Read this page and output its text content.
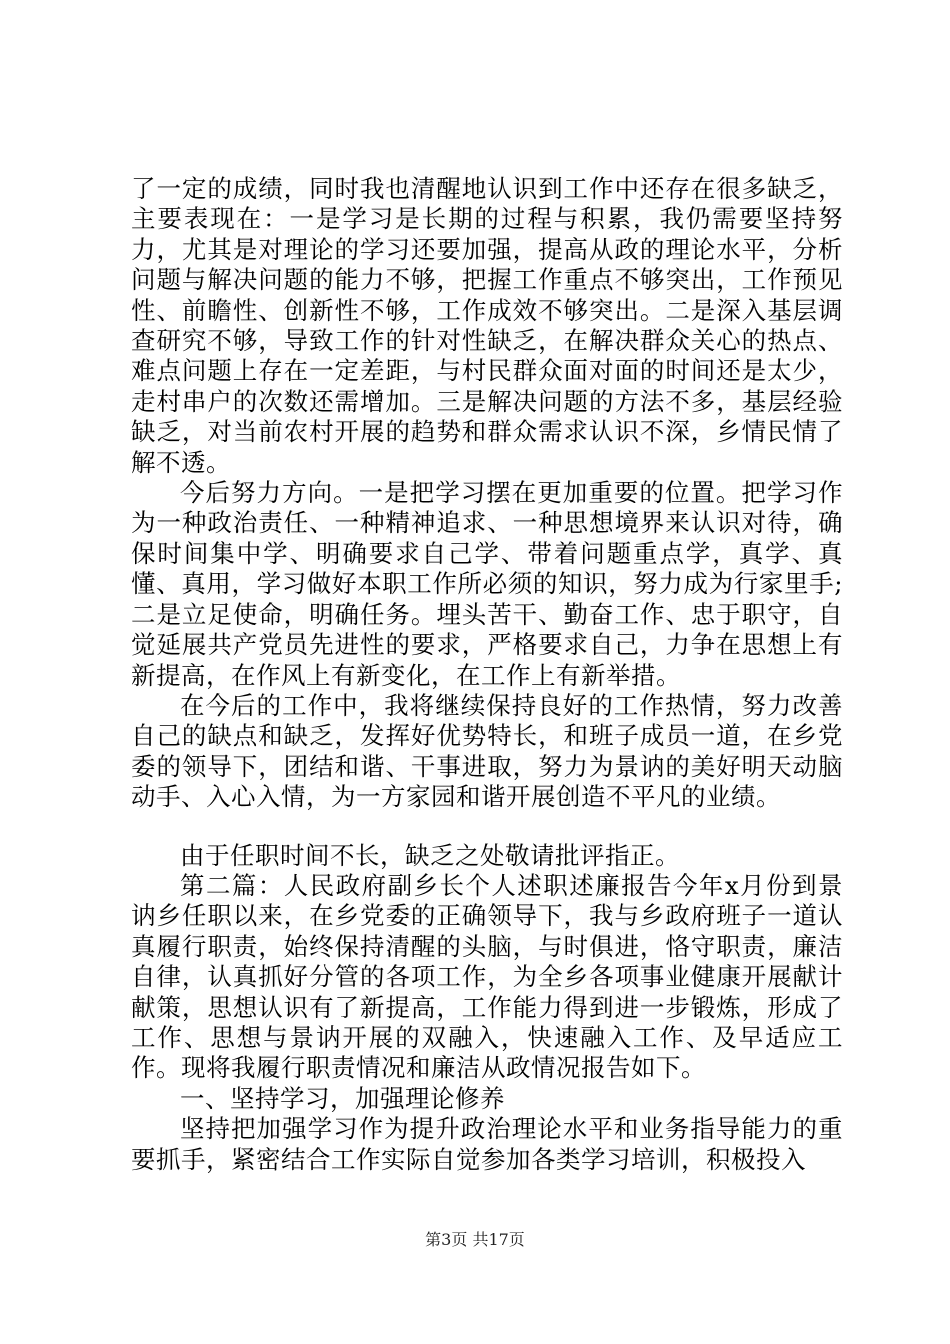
了一定的成绩，同时我也清醒地认识到工作中还存在很多缺乏，主要表现在：一是学习是长期的过程与积累，我仍需要坚持努力，尤其是对理论的学习还要加强，提高从政的理论水平，分析问题与解决问题的能力不够，把握工作重点不够突出，工作预见性、前瞻性、创新性不够，工作成效不够突出。二是深入基层调查研究不够，导致工作的针对性缺乏，在解决群众关心的热点、难点问题上存在一定差距，与村民群众面对面的时间还是太少，走村串户的次数还需增加。三是解决问题的方法不多，基层经验缺乏，对当前农村开展的趋势和群众需求认识不深，乡情民情了解不透。

今后努力方向。一是把学习摆在更加重要的位置。把学习作为一种政治责任、一种精神追求、一种思想境界来认识对待，确保时间集中学、明确要求自己学、带着问题重点学，真学、真懂、真用，学习做好本职工作所必须的知识，努力成为行家里手;二是立足使命，明确任务。埋头苦干、勤奋工作、忠于职守，自觉延展共产党员先进性的要求，严格要求自己，力争在思想上有新提高，在作风上有新变化，在工作上有新举措。

在今后的工作中，我将继续保持良好的工作热情，努力改善自己的缺点和缺乏，发挥好优势特长，和班子成员一道，在乡党委的领导下，团结和谐、干事进取，努力为景讷的美好明天动脑动手、入心入情，为一方家园和谐开展创造不平凡的业绩。

由于任职时间不长，缺乏之处敬请批评指正。

第二篇：人民政府副乡长个人述职述廉报告今年x月份到景讷乡任职以来，在乡党委的正确领导下，我与乡政府班子一道认真履行职责，始终保持清醒的头脑，与时俱进，恪守职责，廉洁自律，认真抓好分管的各项工作，为全乡各项事业健康开展献计献策，思想认识有了新提高，工作能力得到进一步锻炼，形成了工作、思想与景讷开展的双融入，快速融入工作、及早适应工作。现将我履行职责情况和廉洁从政情况报告如下。

一、坚持学习，加强理论修养

坚持把加强学习作为提升政治理论水平和业务指导能力的重要抓手，紧密结合工作实际自觉参加各类学习培训，积极投入

第3页 共17页
